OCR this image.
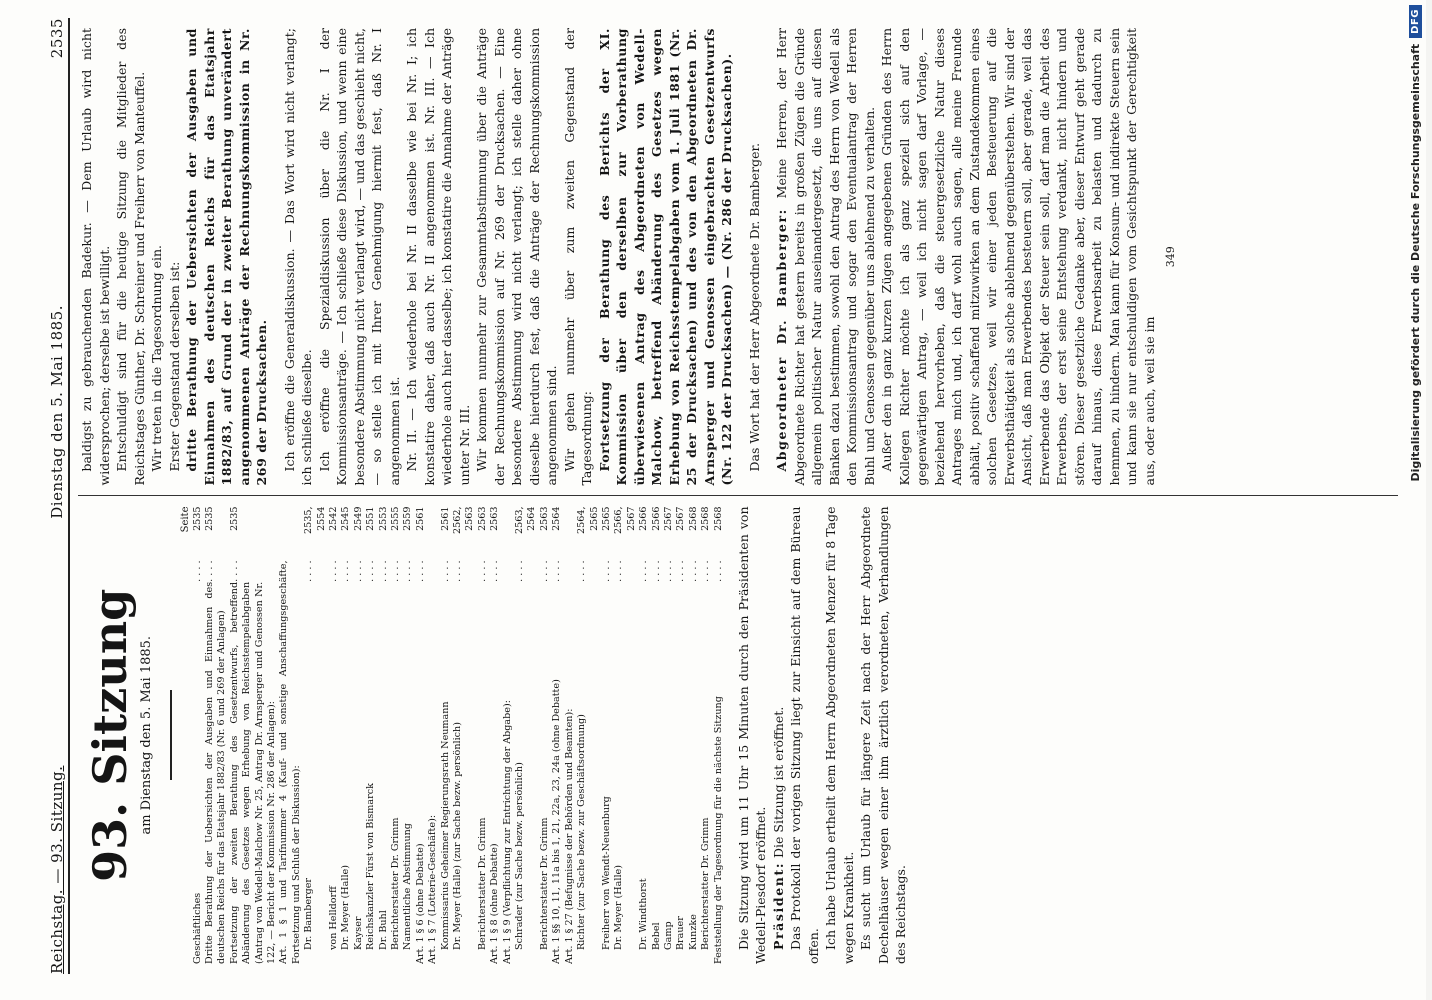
Reichstag. — 93. Sitzung.
Dienstag den 5. Mai 1885.
2535
93. Sitzung am Dienstag den 5. Mai 1885.
Seite
Geschäftliches
. . . .
2535
Dritte Berathung der Uebersichten der Ausgaben und Einnahmen des deutschen Reichs für das Etatsjahr 1882/83 (Nr. 6 und 269 der Anlagen)
. . . .
2535
Fortsetzung der zweiten Berathung des Gesetzentwurfs, betreffend Abänderung des Gesetzes wegen Erhebung von Reichsstempelabgaben (Antrag von Wedell-Malchow Nr. 25, Antrag Dr. Arnsperger und Genossen Nr. 122, — Bericht der Kommission Nr. 286 der Anlagen):
. . . .
2535
Art. 1 § 1 und Tarifnummer 4 (Kauf- und sonstige Anschaffungsgeschäfte, Fortsetzung und Schluß der Diskussion): Dr. Bamberger
. . . .
2535, 2554
von Helldorff
. . . .
2542
Dr. Meyer (Halle)
. . . .
2545
Kayser
. . . .
2549
Reichskanzler Fürst von Bismarck
. . . .
2551
Dr. Buhl
. . . .
2553
Berichterstatter Dr. Grimm
. . . .
2555
Namentliche Abstimmung
. . . .
2559
Art. 1 § 6 (ohne Debatte)
. . . .
2561
Art. 1 § 7 (Lotterie-Geschäfte): Kommissarius Geheimer Regierungsrath Neumann
. . . .
2561
Dr. Meyer (Halle) (zur Sache bezw. persönlich)
. . . .
2562, 2563
Berichterstatter Dr. Grimm
. . . .
2563
Art. 1 § 8 (ohne Debatte)
. . . .
2563
Art. 1 § 9 (Verpflichtung zur Entrichtung der Abgabe): Schrader (zur Sache bezw. persönlich)
. . . .
2563, 2564
Berichterstatter Dr. Grimm
. . . .
2563
Art. 1 §§ 10, 11, 11a bis 1, 21, 22a, 23, 24a (ohne Debatte)
. . . .
2564
Art. 1 § 27 (Befugnisse der Behörden und Beamten): Richter (zur Sache bezw. zur Geschäftsordnung)
. . . .
2564, 2565
Freiherr von Wendt-Neuenburg
. . . .
2565
Dr. Meyer (Halle)
. . . .
2566, 2567
Dr. Windthorst
. . . .
2566
Bebel
. . . .
2566
Gamp
. . . .
2567
Brauer
. . . .
2567
Kunzke
. . . .
2568
Berichterstatter Dr. Grimm
. . . .
2568
Feststellung der Tagesordnung für die nächste Sitzung
. . . .
2568 Die Sitzung wird um 11 Uhr 15 Minuten durch den Präsidenten von Wedell-Piesdorf eröffnet. Präsident: Die Sitzung ist eröffnet. Das Protokoll der vorigen Sitzung liegt zur Einsicht auf dem Büreau offen. Ich habe Urlaub ertheilt dem Herrn Abgeordneten Menzer für 8 Tage wegen Krankheit. Es sucht um Urlaub für längere Zeit nach der Herr Abgeordnete Dechelhäuser wegen einer ihm ärztlich verordneten, Verhandlungen des Reichstags.

baldigst zu gebrauchenden Badekur. — Dem Urlaub wird nicht widersprochen; derselbe ist bewilligt. Entschuldigt sind für die heutige Sitzung die Mitglieder des Reichstages Günther, Dr. Schreiner und Freiherr von Manteuffel. Wir treten in die Tagesordnung ein. Erster Gegenstand derselben ist: dritte Berathung der Uebersichten der Ausgaben und Einnahmen des deutschen Reichs für das Etatsjahr 1882/83, auf Grund der in zweiter Berathung unverändert angenommenen Anträge der Rechnungskommission in Nr. 269 der Drucksachen. Ich eröffne die Generaldiskussion. — Das Wort wird nicht verlangt; ich schließe dieselbe. Ich eröffne die Spezialdiskussion über die Nr. I der Kommissionsanträge. — Ich schließe diese Diskussion, und wenn eine besondere Abstimmung nicht verlangt wird, — und das geschieht nicht, — so stelle ich mit Ihrer Genehmigung hiermit fest, daß Nr. I angenommen ist. Nr. II. — Ich wiederhole bei Nr. II dasselbe wie bei Nr. I; ich konstatire daher, daß auch Nr. II angenommen ist. Nr. III. — Ich wiederhole auch hier dasselbe; ich konstatire die Annahme der Anträge unter Nr. III. Wir kommen nunmehr zur Gesammtabstimmung über die Anträge der Rechnungskommission auf Nr. 269 der Drucksachen. — Eine besondere Abstimmung wird nicht verlangt; ich stelle daher ohne dieselbe hierdurch fest, daß die Anträge der Rechnungskommission angenommen sind. Wir gehen nunmehr über zum zweiten Gegenstand der Tagesordnung: Fortsetzung der Berathung des Berichts der XI. Kommission über den derselben zur Vorberathung überwiesenen Antrag des Abgeordneten von Wedell-Malchow, betreffend Abänderung des Gesetzes wegen Erhebung von Reichsstempelabgaben vom 1. Juli 1881 (Nr. 25 der Drucksachen) und des von den Abgeordneten Dr. Arnsperger und Genossen eingebrachten Gesetzentwurfs (Nr. 122 der Drucksachen) — (Nr. 286 der Drucksachen). Das Wort hat der Herr Abgeordnete Dr. Bamberger. Abgeordneter Dr. Bamberger: Meine Herren, der Herr Abgeordnete Richter hat gestern bereits in großen Zügen die Gründe allgemein politischer Natur auseinandergesetzt, die uns auf diesen Bänken dazu bestimmen, sowohl den Antrag des Herrn von Wedell als den Kommissionsantrag und sogar den Eventualantrag der Herren Buhl und Genossen gegenüber uns ablehnend zu verhalten. Außer den in ganz kurzen Zügen angegebenen Gründen des Herrn Kollegen Richter möchte ich als ganz speziell sich auf den gegenwärtigen Antrag, — weil ich nicht sagen darf Vorlage, — beziehend hervorheben, daß die steuergesetzliche Natur dieses Antrages mich und, ich darf wohl auch sagen, alle meine Freunde abhält, positiv schaffend mitzuwirken an dem Zustandekommen eines solchen Gesetzes, weil wir einer jeden Besteuerung auf die Erwerbsthätigkeit als solche ablehnend gegenüberstehen. Wir sind der Ansicht, daß man Erwerbendes besteuern soll, aber gerade, weil das Erwerbende das Objekt der Steuer sein soll, darf man die Arbeit des Erwerbens, der erst seine Entstehung verdankt, nicht hindern und stören. Dieser gesetzliche Gedanke aber, dieser Entwurf geht gerade darauf hinaus, diese Erwerbsarbeit zu belasten und dadurch zu hemmen, zu hindern. Man kann für Konsum- und indirekte Steuern sein und kann sie nur entschuldigen vom Gesichtspunkt der Gerechtigkeit aus, oder auch, weil sie im

349	Digitalisierung gefördert durch die Deutsche Forschungsgemeinschaft
DFG
